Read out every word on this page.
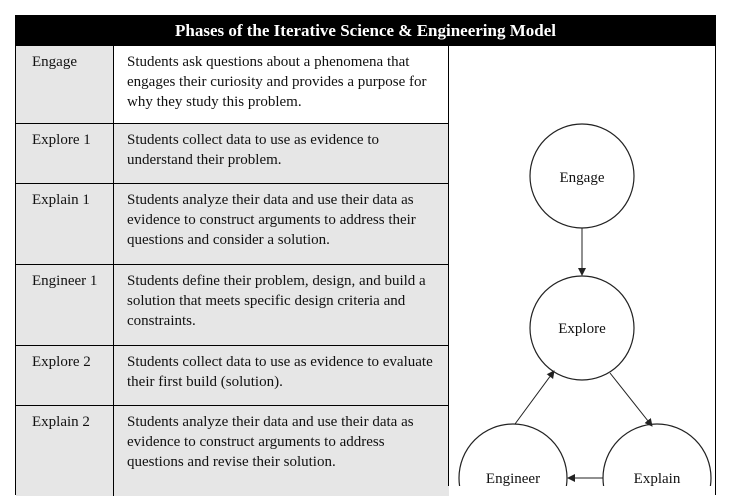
Phases of the Iterative Science & Engineering Model
Engage	Students ask questions about a phenomena that engages their curiosity and provides a purpose for why they study this problem.
Explore 1	Students collect data to use as evidence to understand their problem.
Explain 1	Students analyze their data and use their data as evidence to construct arguments to address their questions and consider a solution.
Engineer 1	Students define their problem, design, and build a solution that meets specific design criteria and constraints.
Explore 2	Students collect data to use as evidence to evaluate their first build (solution).
Explain 2	Students analyze their data and use their data as evidence to construct arguments to address questions and revise their solution.
Engage
Explore
Engineer	Explain
